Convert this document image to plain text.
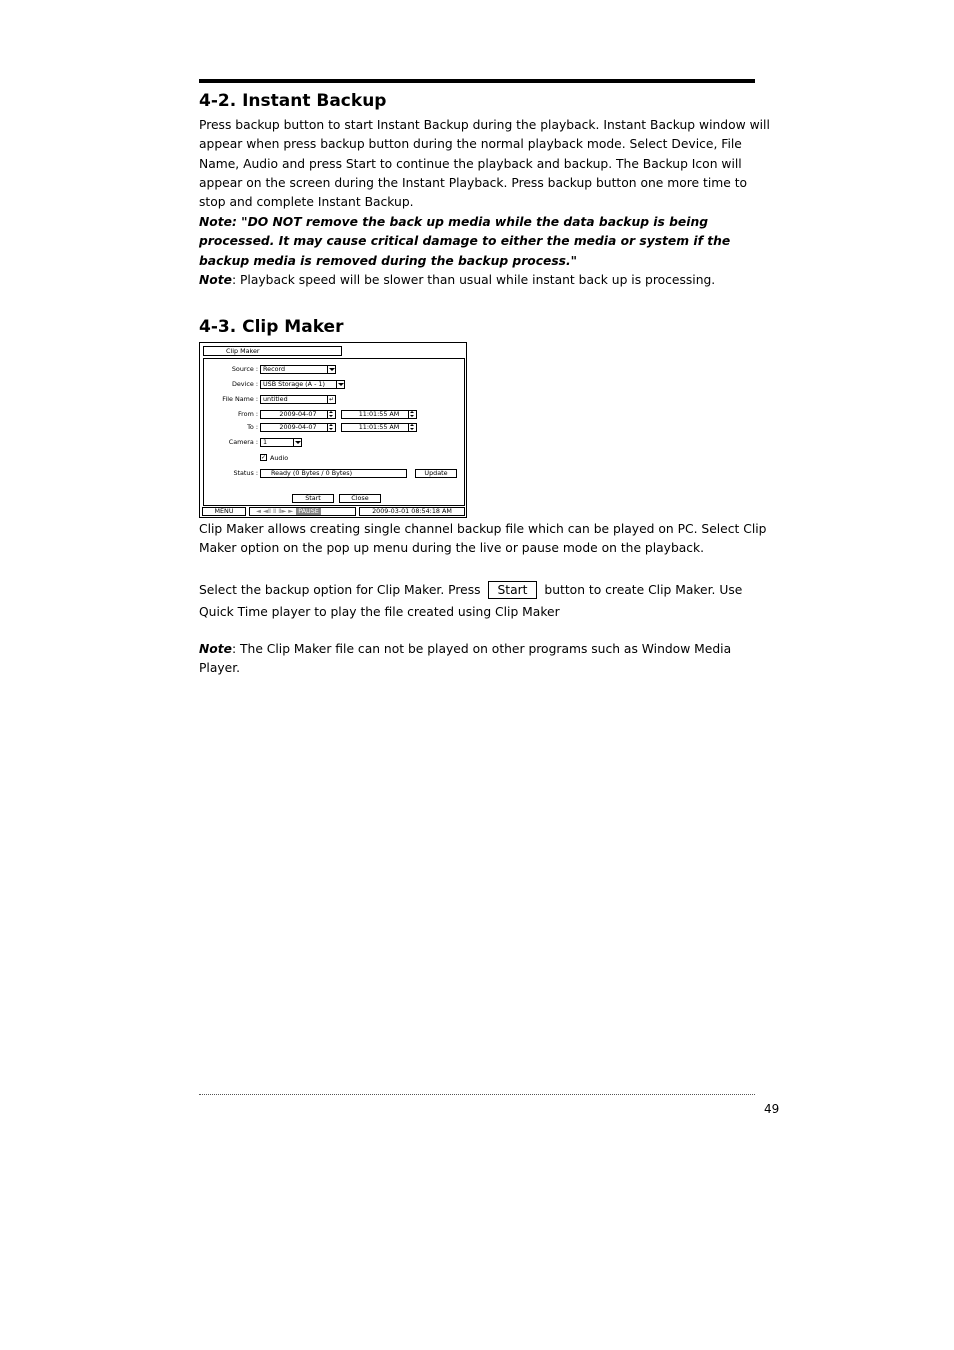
4-2. Instant Backup

Press backup button to start Instant Backup during the playback. Instant Backup window will appear when press backup button during the normal playback mode. Select Device, File Name, Audio and press Start to continue the playback and backup. The Backup Icon will appear on the screen during the Instant Playback. Press backup button one more time to stop and complete Instant Backup.

Note: "DO NOT remove the back up media while the data backup is being processed. It may cause critical damage to either the media or system if the backup media is removed during the backup process."

Note: Playback speed will be slower than usual while instant back up is processing.

4-3. Clip Maker
Clip Maker
Source : Record
Device : USB Storage (A - 1)
File Name : untitled	↵
From :	2009-04-07	11:01:55 AM
To :	2009-04-07	11:01:55 AM
Camera : 1
✓ Audio
Status :	Ready (0 Bytes / 0 Bytes)	Update
Start	Close
MENU	◄ ◄Ⅱ Ⅱ Ⅱ► ► PAUSE	2009-03-01 08:54:18 AM

Clip Maker allows creating single channel backup file which can be played on PC. Select Clip Maker option on the pop up menu during the live or pause mode on the playback.

Select the backup option for Clip Maker. Press Start button to create Clip Maker. Use Quick Time player to play the file created using Clip Maker

Note: The Clip Maker file can not be played on other programs such as Window Media Player.

49
